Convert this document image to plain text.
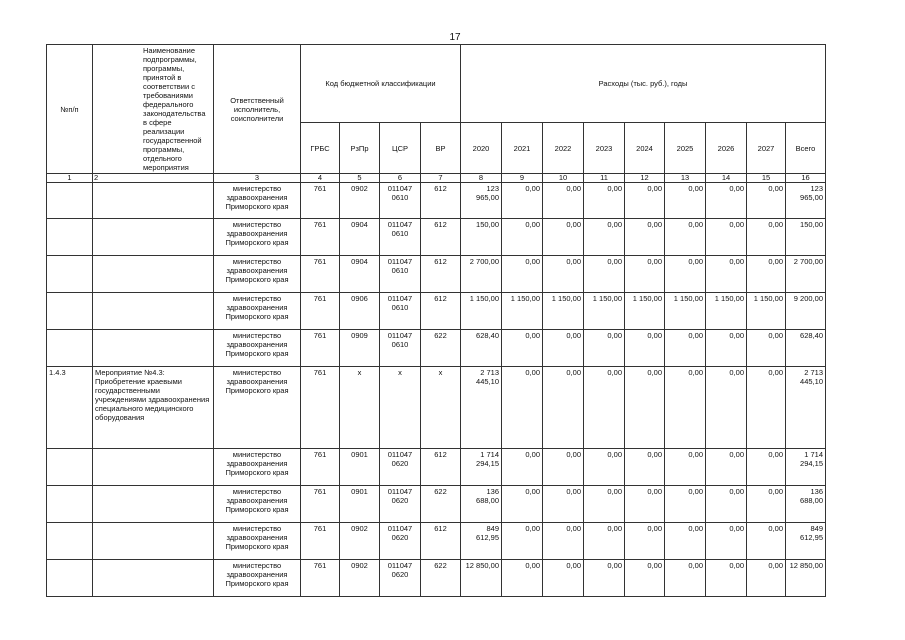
17
№п/п	Наименование подпрограммы, программы, принятой в соответствии с требованиями федерального законодательства в сфере реализации государственной программы, отдельного мероприятия	Ответственный исполнитель, соисполнители	Код бюджетной классификации				Расходы (тыс. руб.), годы								
			ГРБС	РзПр	ЦСР	ВР	2020	2021	2022	2023	2024	2025	2026	2027	Всего
1	2	3	4	5	6	7	8	9	10	11	12	13	14	15	16
		министерство здравоохранения Приморского края	761	0902	011047 0610	612	123 965,00	0,00	0,00	0,00	0,00	0,00	0,00	0,00	123 965,00
		министерство здравоохранения Приморского края	761	0904	011047 0610	612	150,00	0,00	0,00	0,00	0,00	0,00	0,00	0,00	150,00
		министерство здравоохранения Приморского края	761	0904	011047 0610	612	2 700,00	0,00	0,00	0,00	0,00	0,00	0,00	0,00	2 700,00
		министерство здравоохранения Приморского края	761	0906	011047 0610	612	1 150,00	1 150,00	1 150,00	1 150,00	1 150,00	1 150,00	1 150,00	1 150,00	9 200,00
		министерство здравоохранения Приморского края	761	0909	011047 0610	622	628,40	0,00	0,00	0,00	0,00	0,00	0,00	0,00	628,40
1.4.3	Мероприятие №4.3: Приобретение краевыми государственными учреждениями здравоохранения специального медицинского оборудования	министерство здравоохранения Приморского края	761	х	х	х	2 713 445,10	0,00	0,00	0,00	0,00	0,00	0,00	0,00	2 713 445,10
		министерство здравоохранения Приморского края	761	0901	011047 0620	612	1 714 294,15	0,00	0,00	0,00	0,00	0,00	0,00	0,00	1 714 294,15
		министерство здравоохранения Приморского края	761	0901	011047 0620	622	136 688,00	0,00	0,00	0,00	0,00	0,00	0,00	0,00	136 688,00
		министерство здравоохранения Приморского края	761	0902	011047 0620	612	849 612,95	0,00	0,00	0,00	0,00	0,00	0,00	0,00	849 612,95
		министерство здравоохранения Приморского края	761	0902	011047 0620	622	12 850,00	0,00	0,00	0,00	0,00	0,00	0,00	0,00	12 850,00
